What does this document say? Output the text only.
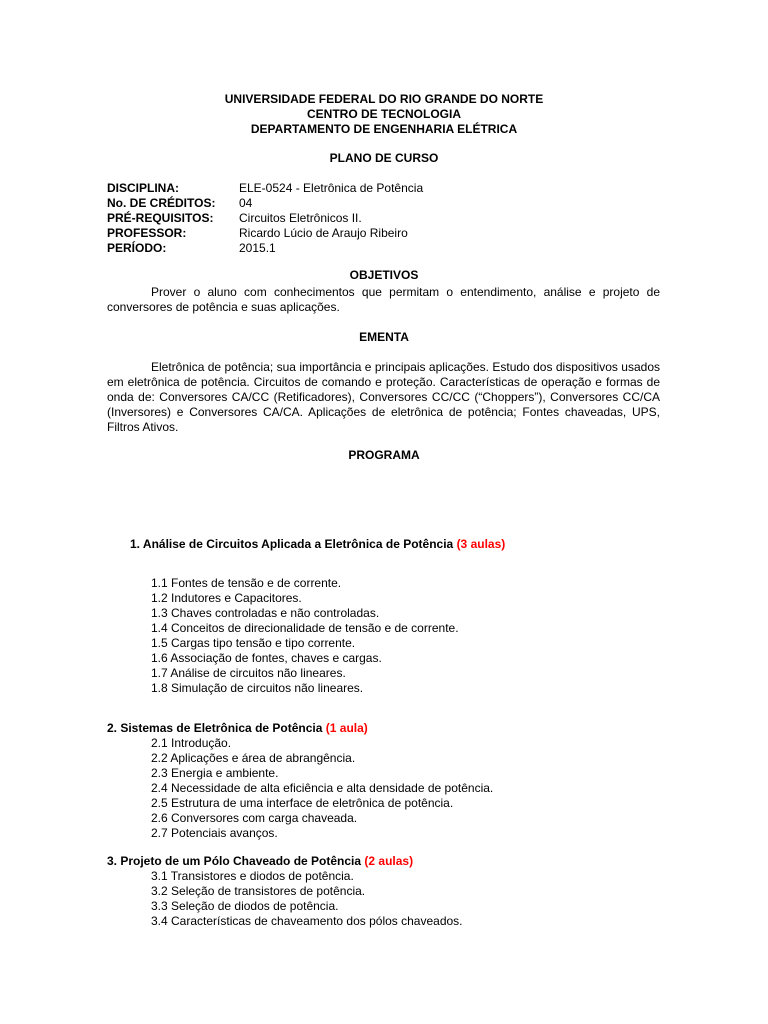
UNIVERSIDADE FEDERAL DO RIO GRANDE DO NORTE
CENTRO DE TECNOLOGIA
DEPARTAMENTO DE ENGENHARIA ELÉTRICA
PLANO DE CURSO
DISCIPLINA:	ELE-0524 - Eletrônica de Potência
No. DE CRÉDITOS: 04
PRÉ-REQUISITOS: Circuitos Eletrônicos II.
PROFESSOR:	Ricardo Lúcio de Araujo Ribeiro
PERÍODO:	2015.1
OBJETIVOS
Prover o aluno com conhecimentos que permitam o entendimento, análise e projeto de conversores de potência e suas aplicações.
EMENTA
Eletrônica de potência; sua importância e principais aplicações. Estudo dos dispositivos usados em eletrônica de potência. Circuitos de comando e proteção. Características de operação e formas de onda de: Conversores CA/CC (Retificadores), Conversores CC/CC (“Choppers”), Conversores CC/CA (Inversores) e Conversores CA/CA. Aplicações de eletrônica de potência; Fontes chaveadas, UPS, Filtros Ativos.
PROGRAMA
1. Análise de Circuitos Aplicada a Eletrônica de Potência (3 aulas)
1.1 Fontes de tensão e de corrente.
1.2 Indutores e Capacitores.
1.3 Chaves controladas e não controladas.
1.4 Conceitos de direcionalidade de tensão e de corrente.
1.5 Cargas tipo tensão e tipo corrente.
1.6 Associação de fontes, chaves e cargas.
1.7 Análise de circuitos não lineares.
1.8 Simulação de circuitos não lineares.
2. Sistemas de Eletrônica de Potência (1 aula)
2.1 Introdução.
2.2 Aplicações e área de abrangência.
2.3 Energia e ambiente.
2.4 Necessidade de alta eficiência e alta densidade de potência.
2.5 Estrutura de uma interface de eletrônica de potência.
2.6 Conversores com carga chaveada.
2.7 Potenciais avanços.
3. Projeto de um Pólo Chaveado de Potência (2 aulas)
3.1 Transistores e diodos de potência.
3.2 Seleção de transistores de potência.
3.3 Seleção de diodos de potência.
3.4 Características de chaveamento dos pólos chaveados.
